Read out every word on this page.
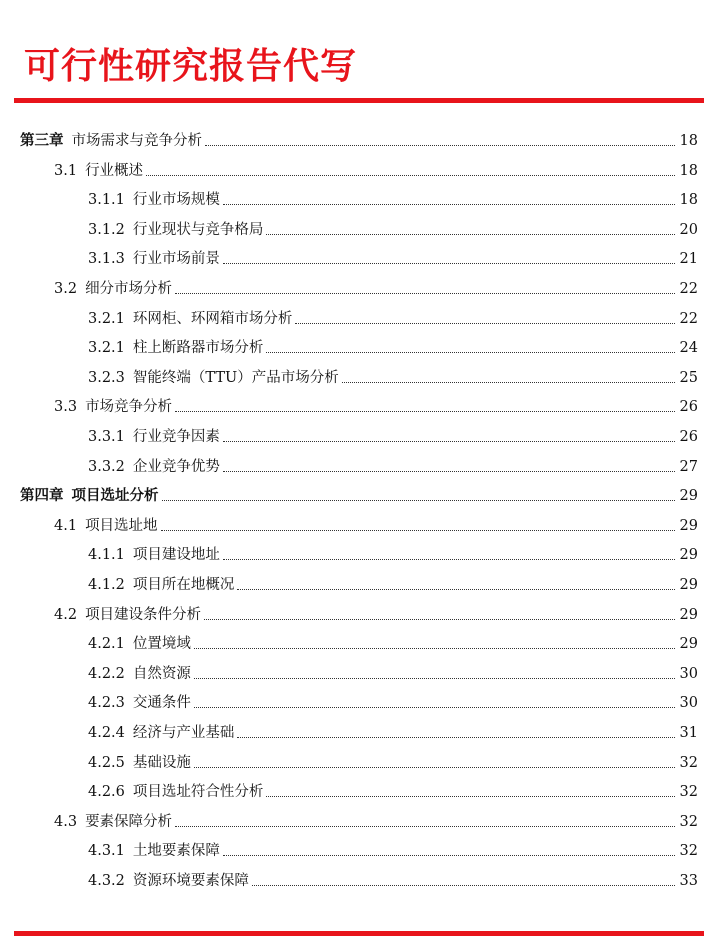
可行性研究报告代写
第三章 市场需求与竞争分析	18
3.1 行业概述	18
3.1.1 行业市场规模	18
3.1.2 行业现状与竞争格局	20
3.1.3 行业市场前景	21
3.2 细分市场分析	22
3.2.1 环网柜、环网箱市场分析	22
3.2.1 柱上断路器市场分析	24
3.2.3 智能终端（TTU）产品市场分析	25
3.3 市场竞争分析	26
3.3.1 行业竞争因素	26
3.3.2 企业竞争优势	27
第四章 项目选址分析	29
4.1 项目选址地	29
4.1.1 项目建设地址	29
4.1.2 项目所在地概况	29
4.2 项目建设条件分析	29
4.2.1 位置境域	29
4.2.2 自然资源	30
4.2.3 交通条件	30
4.2.4 经济与产业基础	31
4.2.5 基础设施	32
4.2.6 项目选址符合性分析	32
4.3 要素保障分析	32
4.3.1 土地要素保障	32
4.3.2 资源环境要素保障	33
